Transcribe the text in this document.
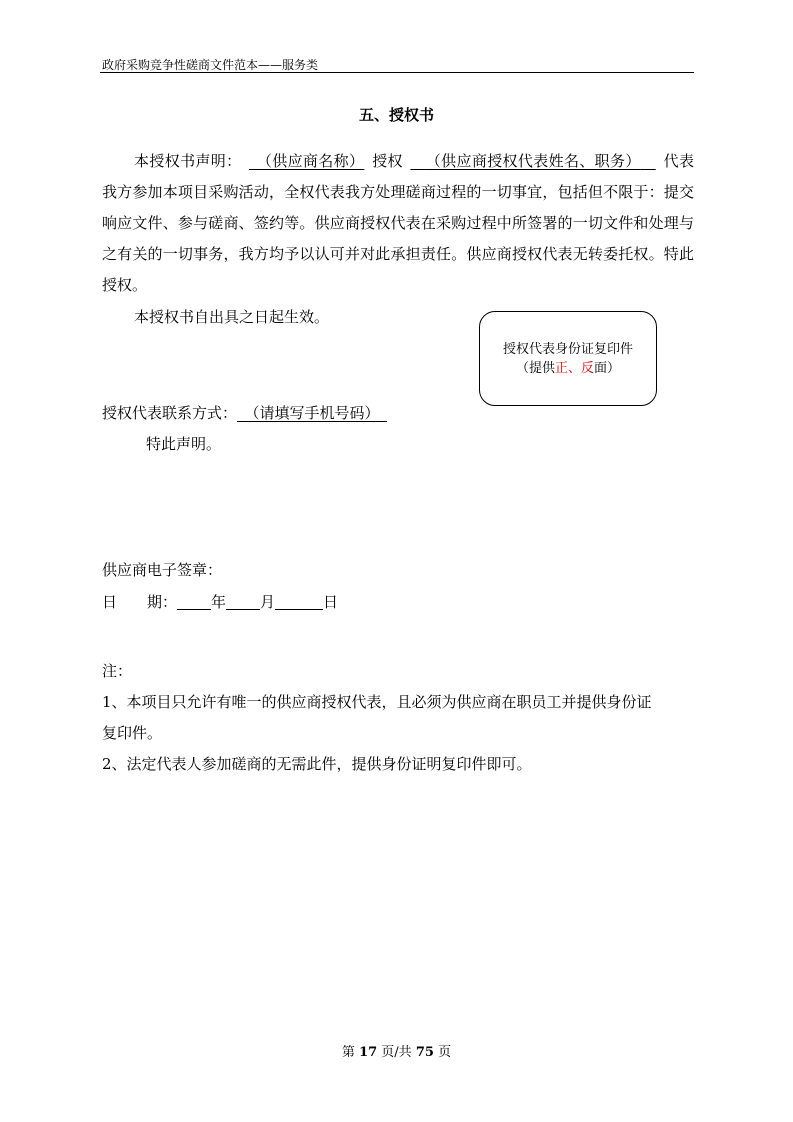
政府采购竞争性磋商文件范本——服务类
五、授权书
本授权书声明：   （供应商名称）  授权    （供应商授权代表姓名、职务）    代表我方参加本项目采购活动，全权代表我方处理磋商过程的一切事宜，包括但不限于：提交响应文件、参与磋商、签约等。供应商授权代表在采购过程中所签署的一切文件和处理与之有关的一切事务，我方均予以认可并对此承担责任。供应商授权代表无转委托权。特此授权。
本授权书自出具之日起生效。
授权代表身份证复印件
（提供正、反面）
授权代表联系方式：  （请填写手机号码） 
特此声明。
供应商电子签章：
日　　期： 年 月	日
注：
1、本项目只允许有唯一的供应商授权代表，且必须为供应商在职员工并提供身份证
复印件。
2、法定代表人参加磋商的无需此件，提供身份证明复印件即可。
第 17 页/共 75 页
